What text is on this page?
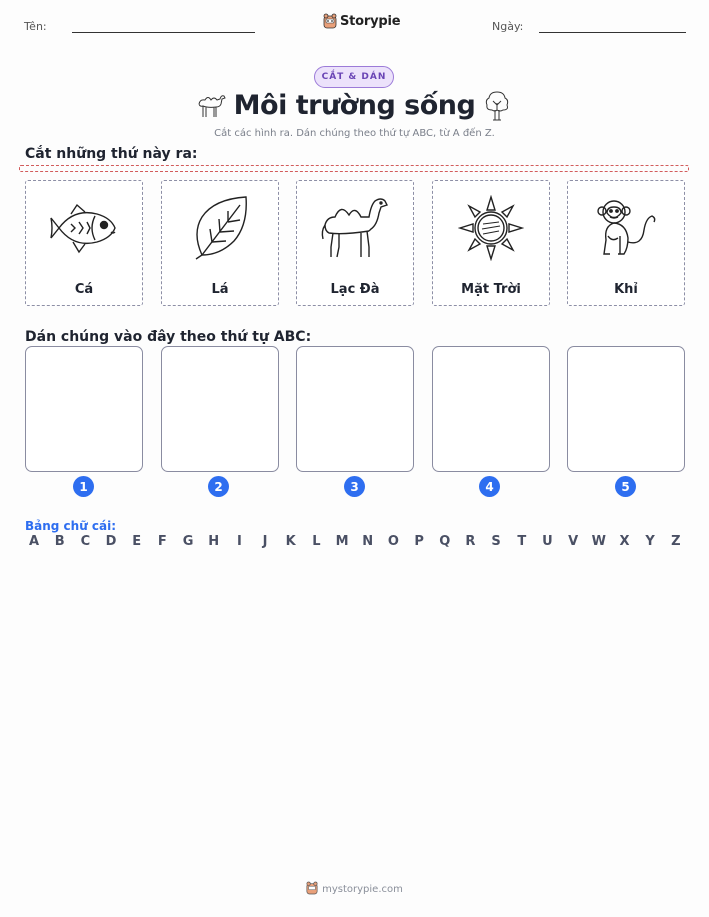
Tên:	Storypie	Ngày:
CẮT & DÁN
Môi trường sống
Cắt các hình ra. Dán chúng theo thứ tự ABC, từ A đến Z.
Cắt những thứ này ra:
Cá	Lá	Lạc Đà	Mặt Trời	Khỉ
Dán chúng vào đây theo thứ tự ABC:
1	2	3	4	5
Bảng chữ cái:
A	B	C	D	E	F	G H	I	J	K	L	M N O	P	Q	R	S	T	U	V	W	X	Y	Z
mystorypie.com
